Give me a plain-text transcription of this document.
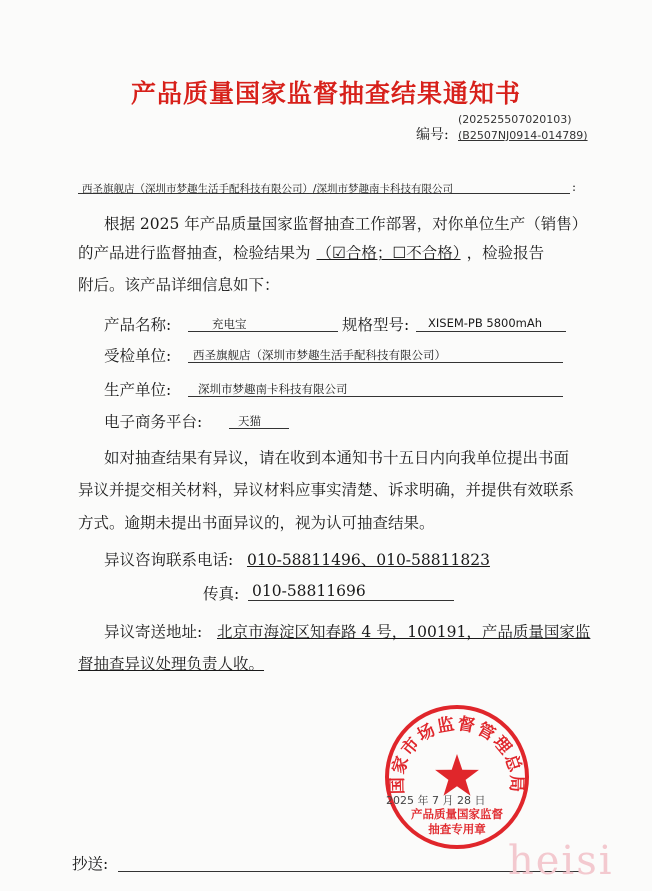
产品质量国家监督抽查结果通知书
(202525507020103)
编号: (B2507NJ0914-014789)
西圣旗舰店（深圳市梦趣生活手配科技有限公司）/深圳市梦趣南卡科技有限公司	:
根据 2025 年产品质量国家监督抽查工作部署，对你单位生产（销售）
的产品进行监督抽查，检验结果为 （☑合格；☐不合格） ，检验报告
附后。该产品详细信息如下：
产品名称:	充电宝	规格型号: XISEM-PB 5800mAh
受检单位: 西圣旗舰店（深圳市梦趣生活手配科技有限公司）
生产单位: 深圳市梦趣南卡科技有限公司
电子商务平台:	天猫
如对抽查结果有异议，请在收到本通知书十五日内向我单位提出书面
异议并提交相关材料，异议材料应事实清楚、诉求明确，并提供有效联系
方式。逾期未提出书面异议的，视为认可抽查结果。
异议咨询联系电话: 010-58811496、010-58811823
传真: 010-58811696
异议寄送地址: 北京市海淀区知春路 4 号，100191，产品质量国家监
督抽查异议处理负责人收。
国家市场监督管理总局
产品质量国家监督
抽查专用章
2025 年 7 月 28 日
抄送:	heisi
